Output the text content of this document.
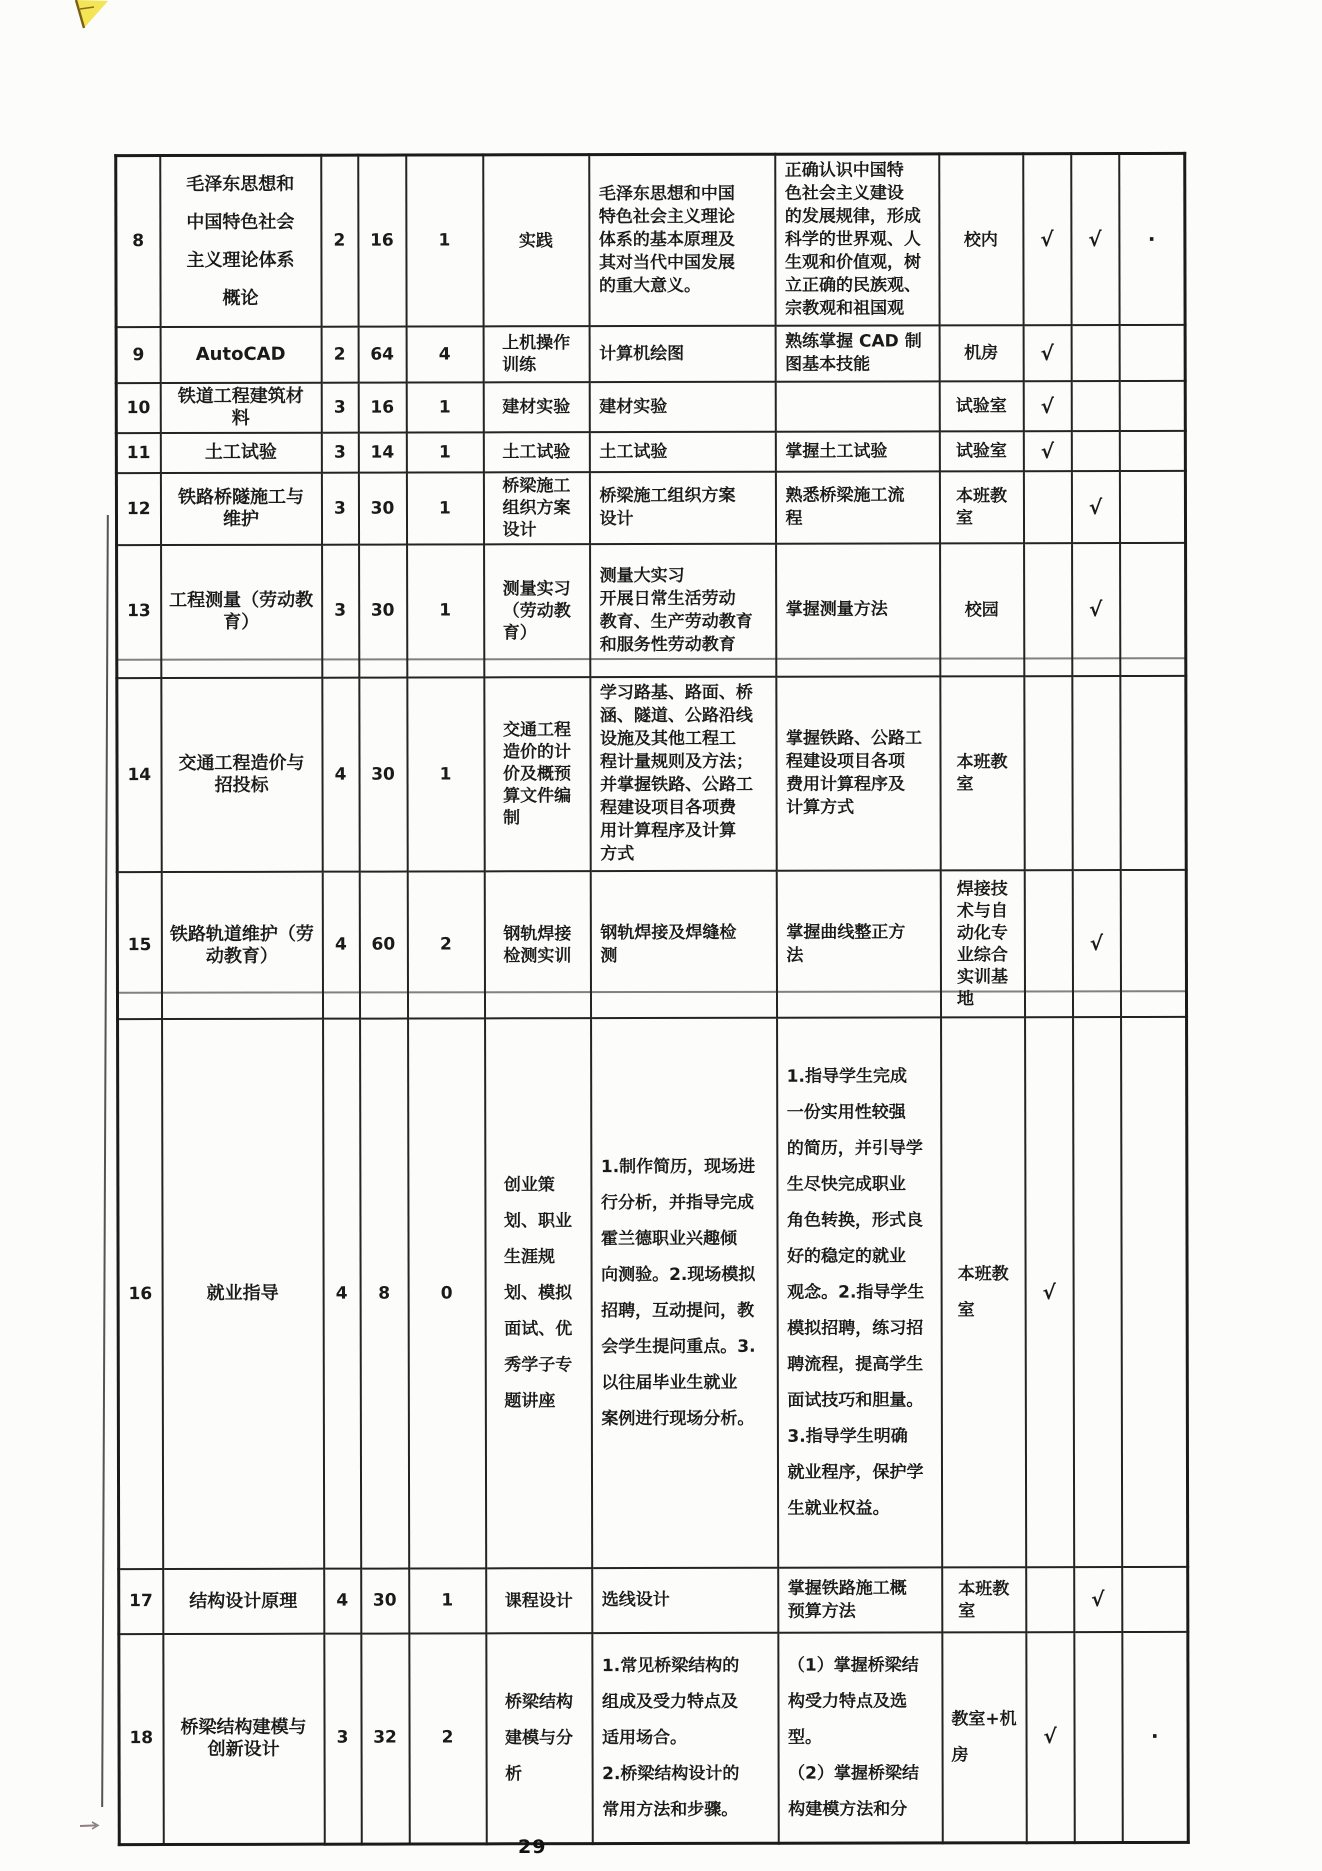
8	毛泽东思想和
中国特色社会
主义理论体系
概论	2	16	1	实践	毛泽东思想和中国
特色社会主义理论
体系的基本原理及
其对当代中国发展
的重大意义。	正确认识中国特
色社会主义建设
的发展规律，形成
科学的世界观、人
生观和价值观，树
立正确的民族观、
宗教观和祖国观	校内	√	√	·
9	AutoCAD	2	64	4	上机操作
训练	计算机绘图	熟练掌握 CAD 制
图基本技能	机房	√		
10	铁道工程建筑材
料	3	16	1	建材实验	建材实验		试验室	√		
11	土工试验	3	14	1	土工试验	土工试验	掌握土工试验	试验室	√		
12	铁路桥隧施工与
维护	3	30	1	桥梁施工
组织方案
设计	桥梁施工组织方案
设计	熟悉桥梁施工流
程	本班教
室		√	
13	工程测量（劳动教
育）	3	30	1	测量实习
（劳动教
育）	测量大实习
开展日常生活劳动
教育、生产劳动教育
和服务性劳动教育	掌握测量方法	校园		√	
14	交通工程造价与
招投标	4	30	1	交通工程
造价的计
价及概预
算文件编
制	学习路基、路面、桥
涵、隧道、公路沿线
设施及其他工程工
程计量规则及方法；
并掌握铁路、公路工
程建设项目各项费
用计算程序及计算
方式	掌握铁路、公路工
程建设项目各项
费用计算程序及
计算方式	本班教
室			
15	铁路轨道维护（劳
动教育）	4	60	2	钢轨焊接
检测实训	钢轨焊接及焊缝检
测	掌握曲线整正方
法	焊接技
术与自
动化专
业综合
实训基
地		√	
16	就业指导	4	8	0	创业策
划、职业
生涯规
划、模拟
面试、优
秀学子专
题讲座	1.制作简历，现场进
行分析，并指导完成
霍兰德职业兴趣倾
向测验。2.现场模拟
招聘，互动提问，教
会学生提问重点。3.
以往届毕业生就业
案例进行现场分析。	1.指导学生完成
一份实用性较强
的简历，并引导学
生尽快完成职业
角色转换，形式良
好的稳定的就业
观念。2.指导学生
模拟招聘，练习招
聘流程，提高学生
面试技巧和胆量。
3.指导学生明确
就业程序，保护学
生就业权益。	本班教
室	√		
17	结构设计原理	4	30	1	课程设计	选线设计	掌握铁路施工概
预算方法	本班教
室		√	
18	桥梁结构建模与
创新设计	3	32	2	桥梁结构
建模与分
析	1.常见桥梁结构的
组成及受力特点及
适用场合。
2.桥梁结构设计的
常用方法和步骤。	（1）掌握桥梁结
构受力特点及选
型。
（2）掌握桥梁结
构建模方法和分	教室+机
房	√		·
29
